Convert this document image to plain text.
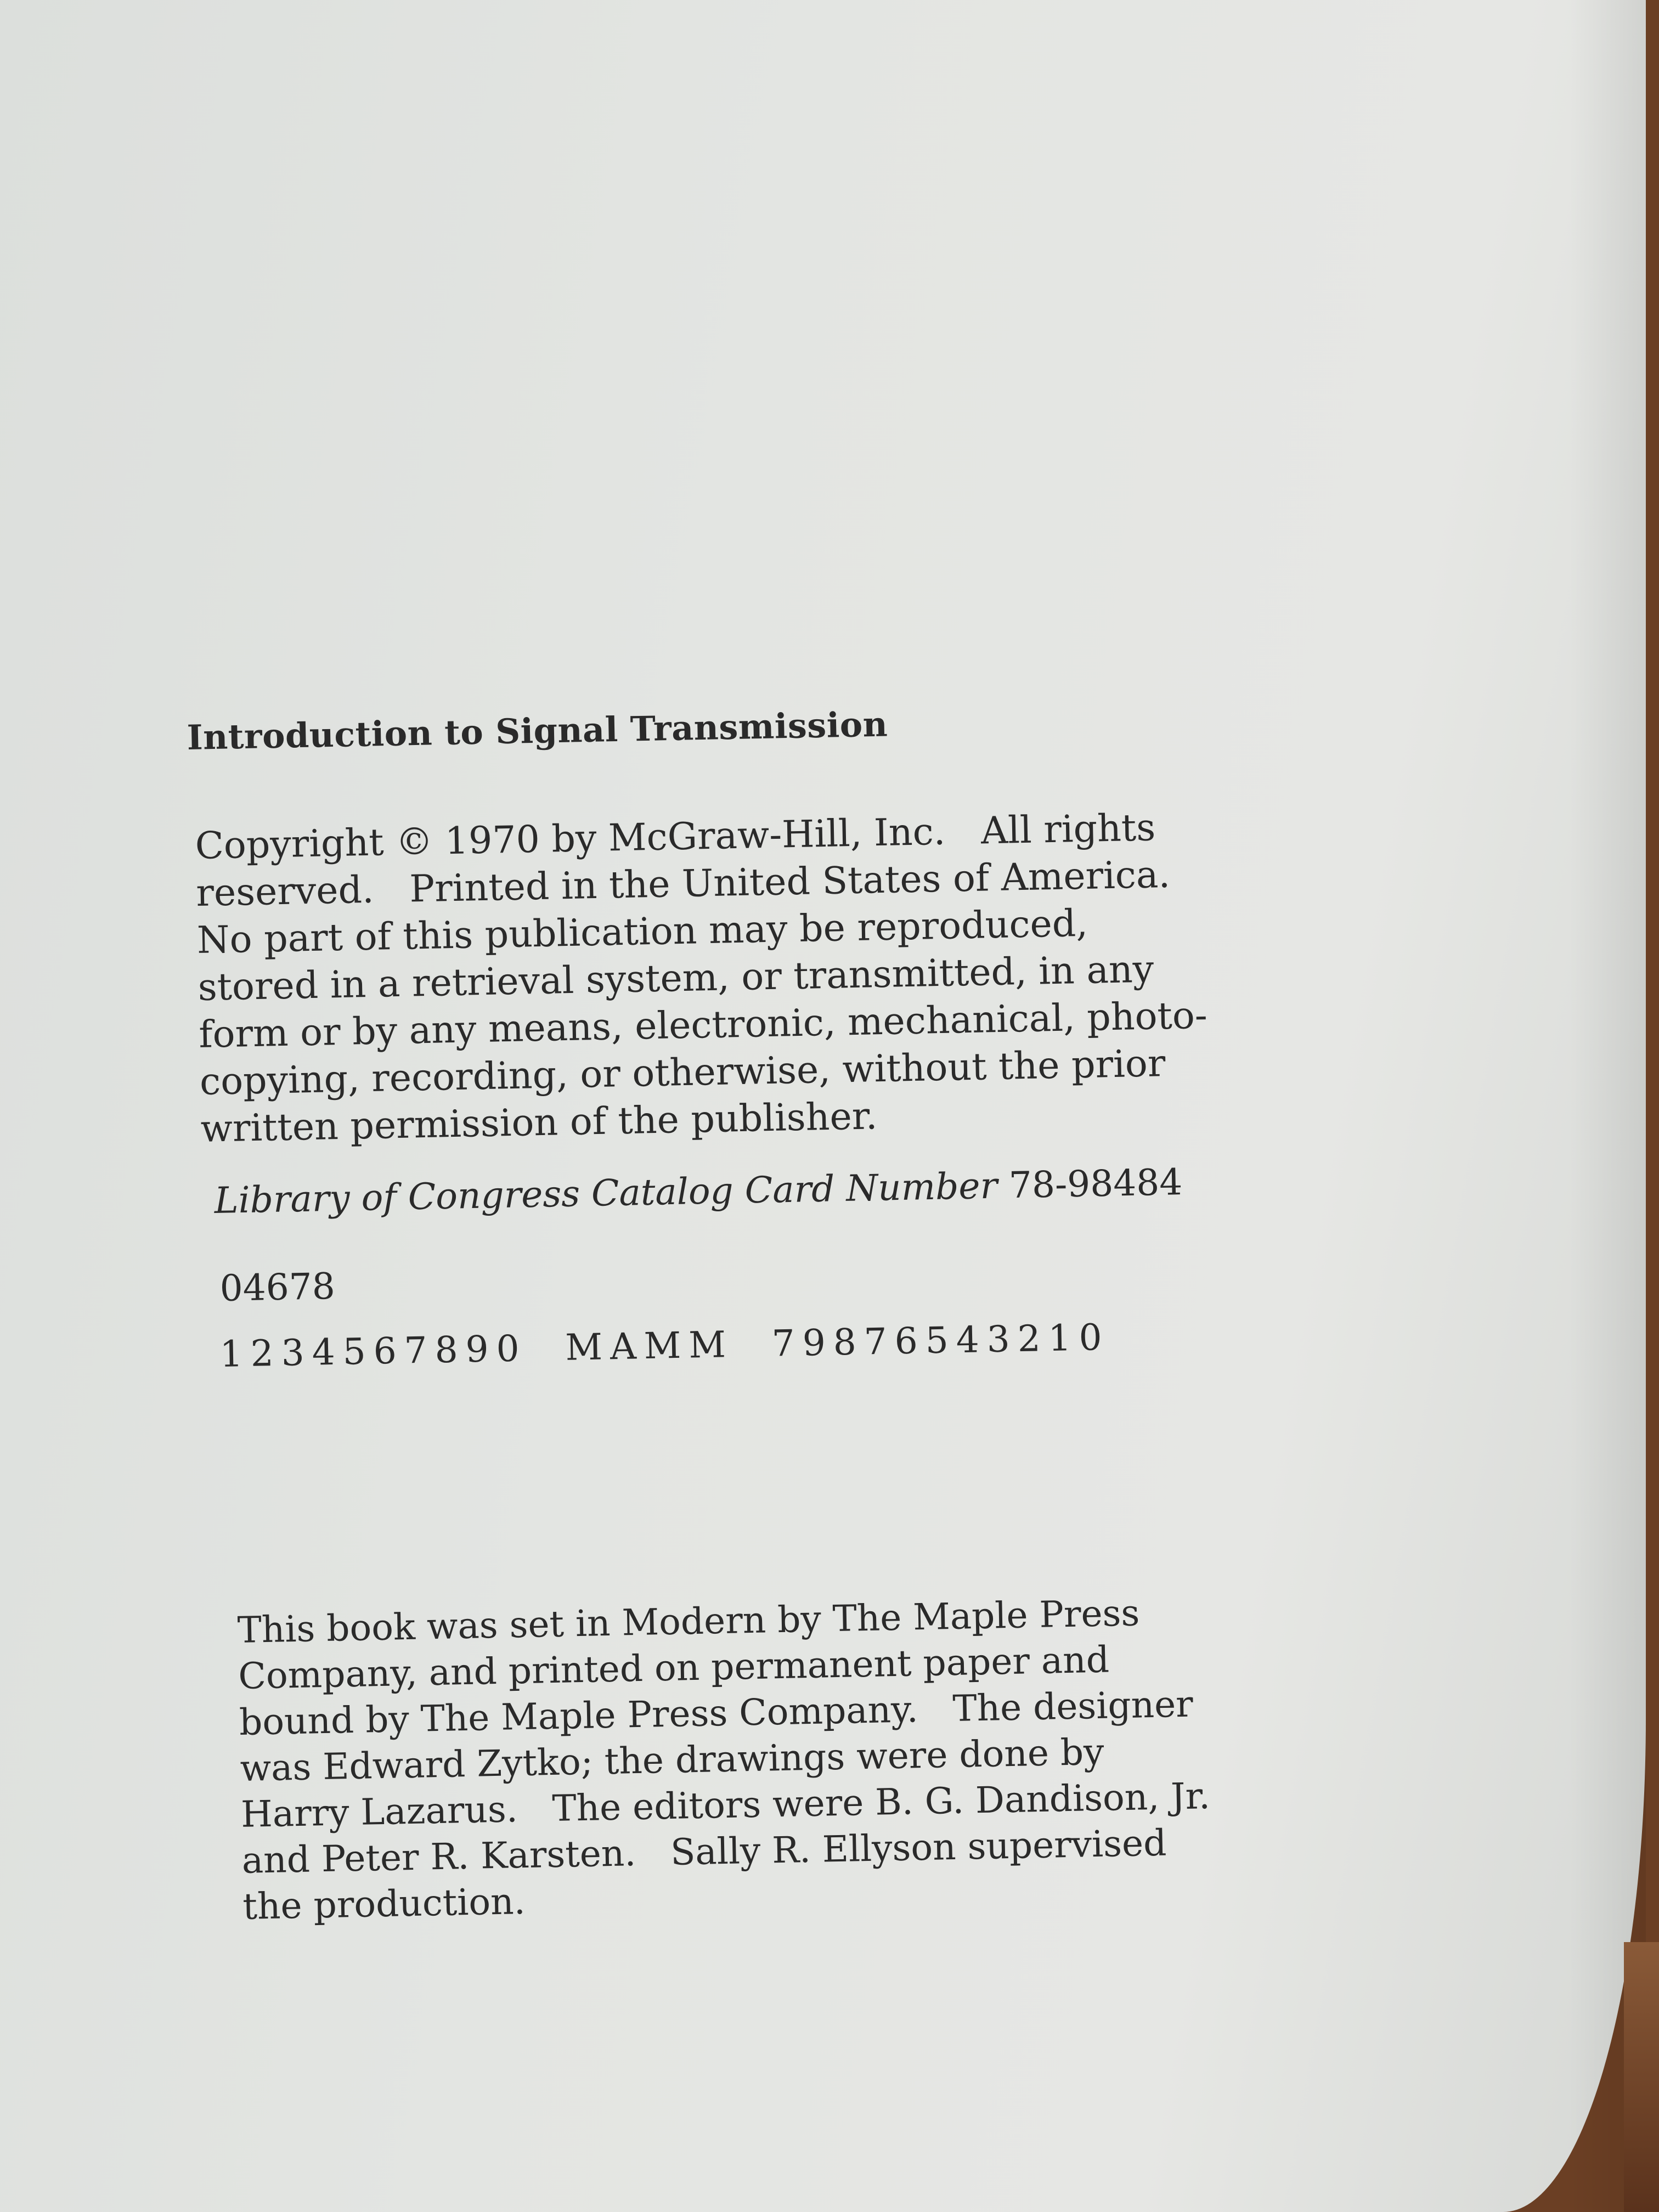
Introduction to Signal Transmission
Copyright © 1970 by McGraw-Hill, Inc.   All rights
reserved.   Printed in the United States of America.
No part of this publication may be reproduced,
stored in a retrieval system, or transmitted, in any
form or by any means, electronic, mechanical, photo-
copying, recording, or otherwise, without the prior
written permission of the publisher.
Library of Congress Catalog Card Number 78-98484
04678
1234567890  MAMM  79876543210
This book was set in Modern by The Maple Press
Company, and printed on permanent paper and
bound by The Maple Press Company.   The designer
was Edward Zytko; the drawings were done by
Harry Lazarus.   The editors were B. G. Dandison, Jr.
and Peter R. Karsten.   Sally R. Ellyson supervised
the production.
